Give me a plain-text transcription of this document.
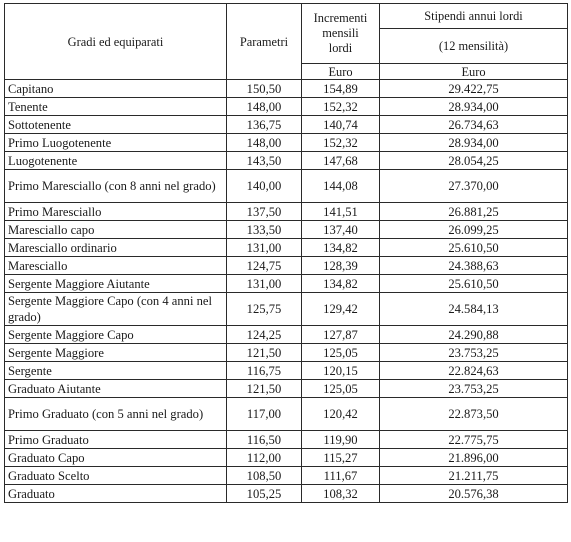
Gradi ed equiparati	Parametri	Incrementi
mensili
lordi	Stipendi annui lordi
			(12 mensilità)
		Euro	Euro
Capitano	150,50	154,89	29.422,75
Tenente	148,00	152,32	28.934,00
Sottotenente	136,75	140,74	26.734,63
Primo Luogotenente	148,00	152,32	28.934,00
Luogotenente	143,50	147,68	28.054,25
Primo Maresciallo (con 8 anni nel grado)	140,00	144,08	27.370,00
Primo Maresciallo	137,50	141,51	26.881,25
Maresciallo capo	133,50	137,40	26.099,25
Maresciallo ordinario	131,00	134,82	25.610,50
Maresciallo	124,75	128,39	24.388,63
Sergente Maggiore Aiutante	131,00	134,82	25.610,50
Sergente Maggiore Capo (con 4 anni nel grado)	125,75	129,42	24.584,13
Sergente Maggiore Capo	124,25	127,87	24.290,88
Sergente Maggiore	121,50	125,05	23.753,25
Sergente	116,75	120,15	22.824,63
Graduato Aiutante	121,50	125,05	23.753,25
Primo Graduato (con 5 anni nel grado)	117,00	120,42	22.873,50
Primo Graduato	116,50	119,90	22.775,75
Graduato Capo	112,00	115,27	21.896,00
Graduato Scelto	108,50	111,67	21.211,75
Graduato	105,25	108,32	20.576,38
